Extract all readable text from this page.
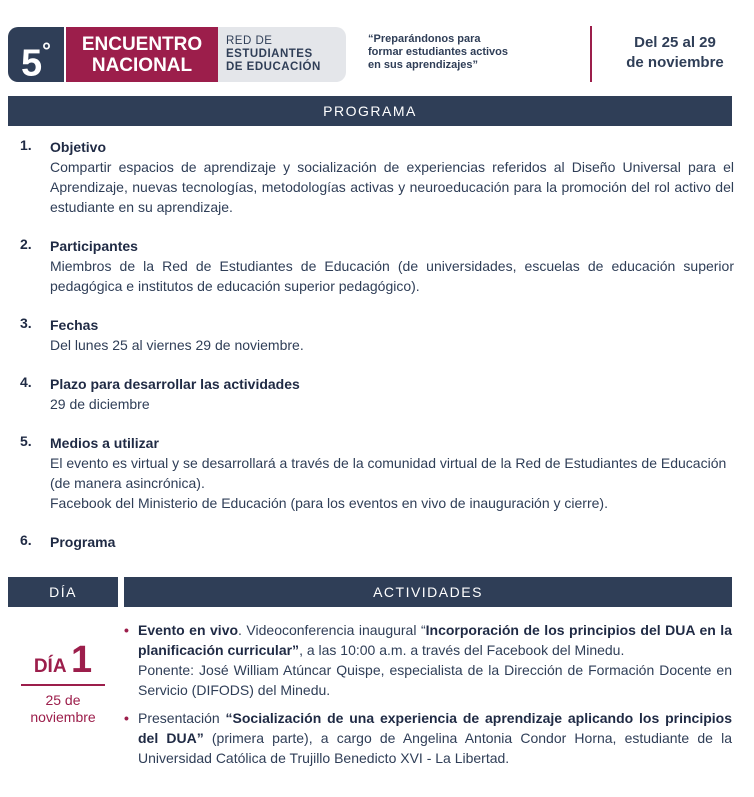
5°	ENCUENTRO
NACIONAL
RED DE
ESTUDIANTES
DE EDUCACIÓN
“Preparándonos para
formar estudiantes activos
en sus aprendizajes”
Del 25 al 29
de noviembre
PROGRAMA
1. Objetivo
Compartir espacios de aprendizaje y socialización de experiencias referidos al Diseño Universal para el Aprendizaje, nuevas tecnologías, metodologías activas y neuroeducación para la promoción del rol activo del estudiante en su aprendizaje.
2. Participantes
Miembros de la Red de Estudiantes de Educación (de universidades, escuelas de educación superior pedagógica e institutos de educación superior pedagógico).
3. Fechas
Del lunes 25 al viernes 29 de noviembre.
4. Plazo para desarrollar las actividades
29 de diciembre
5. Medios a utilizar
El evento es virtual y se desarrollará a través de la comunidad virtual de la Red de Estudiantes de Educación (de manera asincrónica).
Facebook del Ministerio de Educación (para los eventos en vivo de inauguración y cierre).
6. Programa
DÍA	ACTIVIDADES
DÍA 1
25 de
noviembre
• Evento en vivo. Videoconferencia inaugural “Incorporación de los principios del DUA en la planificación curricular”, a las 10:00 a.m. a través del Facebook del Minedu.
Ponente: José William Atúncar Quispe, especialista de la Dirección de Formación Docente en Servicio (DIFODS) del Minedu.
• Presentación “Socialización de una experiencia de aprendizaje aplicando los principios del DUA” (primera parte), a cargo de Angelina Antonia Condor Horna, estudiante de la Universidad Católica de Trujillo Benedicto XVI - La Libertad.
